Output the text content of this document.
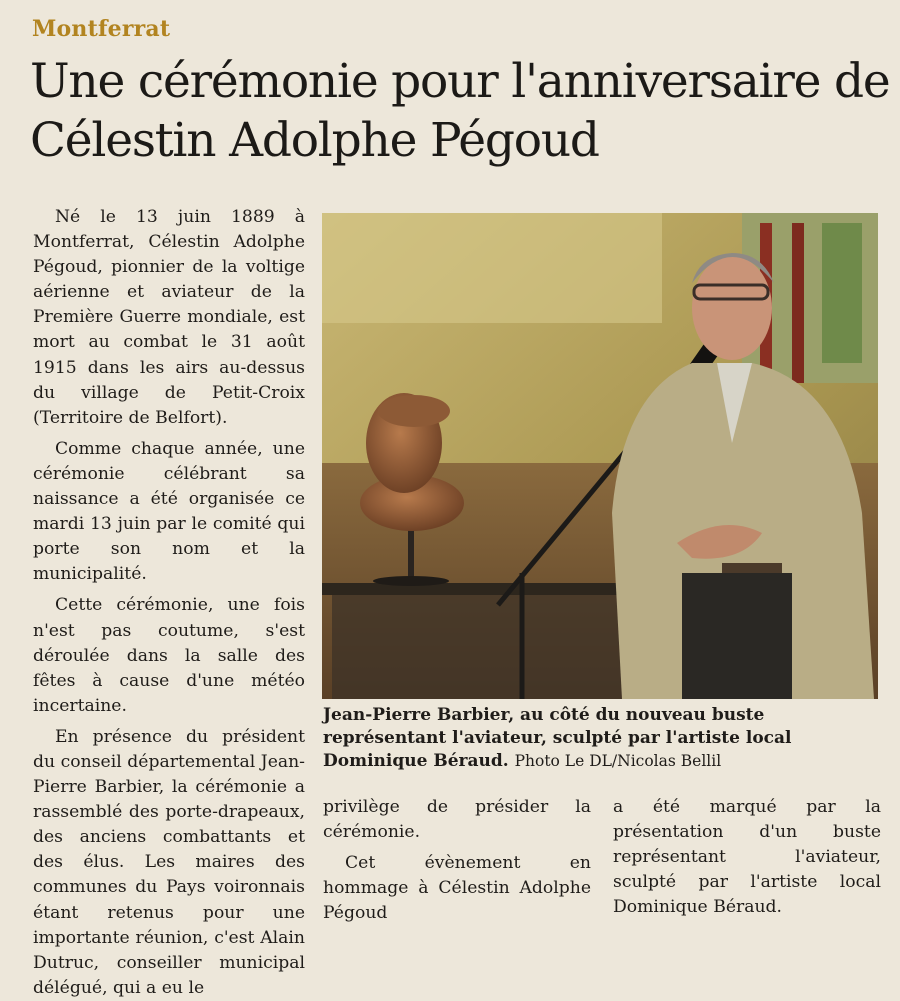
Montferrat
Une cérémonie pour l'anniversaire de Célestin Adolphe Pégoud

Né le 13 juin 1889 à Montferrat, Célestin Adolphe Pégoud, pionnier de la voltige aérienne et aviateur de la Première Guerre mondiale, est mort au combat le 31 août 1915 dans les airs au-dessus du village de Petit-Croix (Territoire de Belfort).

Comme chaque année, une cérémonie célébrant sa naissance a été organisée ce mardi 13 juin par le comité qui porte son nom et la municipalité.

Cette cérémonie, une fois n'est pas coutume, s'est déroulée dans la salle des fêtes à cause d'une météo incertaine.

En présence du président du conseil départemental Jean-Pierre Barbier, la cérémonie a rassemblé des porte-drapeaux, des anciens combattants et des élus. Les maires des communes du Pays voironnais étant retenus pour une importante réunion, c'est Alain Dutruc, conseiller municipal délégué, qui a eu le

Jean-Pierre Barbier, au côté du nouveau buste représentant l'aviateur, sculpté par l'artiste local Dominique Béraud. Photo Le DL/Nicolas Bellil

privilège de présider la cérémonie.

Cet évènement en hommage à Célestin Adolphe Pégoud

a été marqué par la présentation d'un buste représentant l'aviateur, sculpté par l'artiste local Dominique Béraud.
